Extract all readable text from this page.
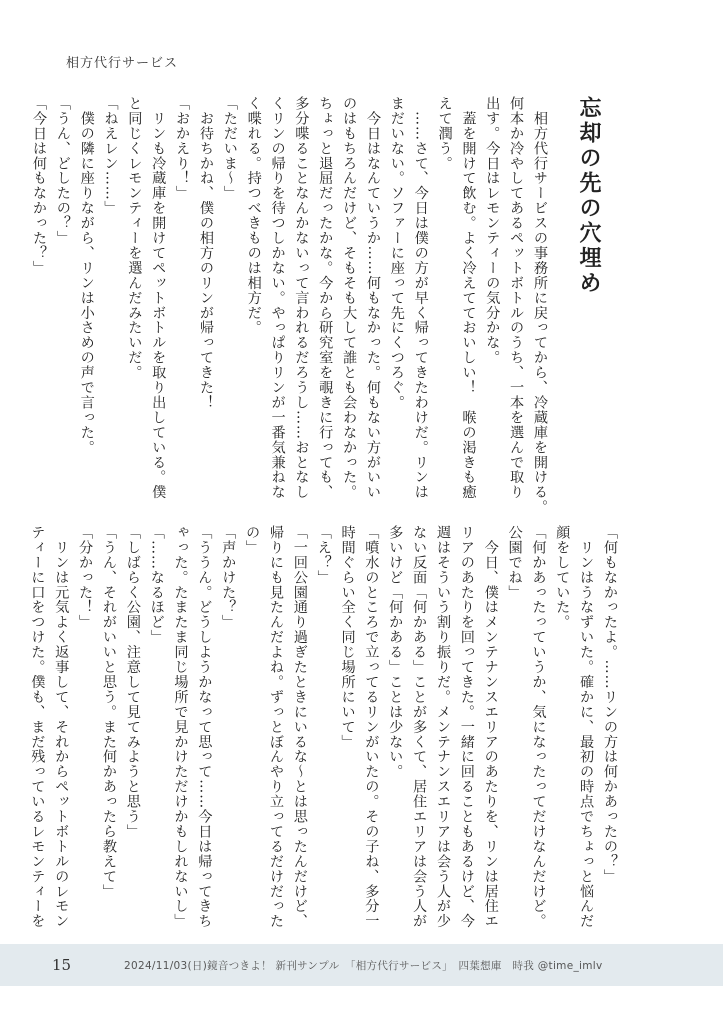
相方代行サービス
忘却の先の穴埋め
　相方代行サービスの事務所に戻ってから、冷蔵庫を開ける。
何本か冷やしてあるペットボトルのうち、一本を選んで取り
出す。今日はレモンティーの気分かな。
　蓋を開けて飲む。よく冷えてておいしい！　喉の渇きも癒
えて潤う。
　……さて、今日は僕の方が早く帰ってきたわけだ。リンは
まだいない。ソファーに座って先にくつろぐ。
　今日はなんていうか……何もなかった。何もない方がいい
のはもちろんだけど、そもそも大して誰とも会わなかった。
ちょっと退屈だったかな。今から研究室を覗きに行っても、
多分喋ることなんかないって言われるだろうし……おとなし
くリンの帰りを待つしかない。やっぱりリンが一番気兼ねな
く喋れる。持つべきものは相方だ。
「ただいま～」
　お待ちかね、僕の相方のリンが帰ってきた！
「おかえり！」
　リンも冷蔵庫を開けてペットボトルを取り出している。僕
と同じくレモンティーを選んだみたいだ。
「ねえレン……」
　僕の隣に座りながら、リンは小さめの声で言った。
「うん、どしたの？」
「今日は何もなかった？」
「何もなかったよ。……リンの方は何かあったの？」
　リンはうなずいた。確かに、最初の時点でちょっと悩んだ
顔をしていた。
「何かあったっていうか、気になったってだけなんだけど。
公園でね」
　今日、僕はメンテナンスエリアのあたりを、リンは居住エ
リアのあたりを回ってきた。一緒に回ることもあるけど、今
週はそういう割り振りだ。メンテナンスエリアは会う人が少
ない反面「何かある」ことが多くて、居住エリアは会う人が
多いけど「何かある」ことは少ない。
「噴水のところで立ってるリンがいたの。その子ね、多分一
時間ぐらい全く同じ場所にいて」
「え？」
「一回公園通り過ぎたときにいるな～とは思ったんだけど、
帰りにも見たんだよね。ずっとぼんやり立ってるだけだった
の」
「声かけた？」
「ううん。どうしようかなって思って……今日は帰ってきち
ゃった。たまたま同じ場所で見かけただけかもしれないし」
「……なるほど」
「しばらく公園、注意して見てみようと思う」
「うん、それがいいと思う。また何かあったら教えて」
「分かった！」
　リンは元気よく返事して、それからペットボトルのレモン
ティーに口をつけた。僕も、まだ残っているレモンティーを
15	2024/11/03(日)鏡音つきよ！ 新刊サンプル　「相方代行サービス」　四葉想庫　時我 @time_imlv
